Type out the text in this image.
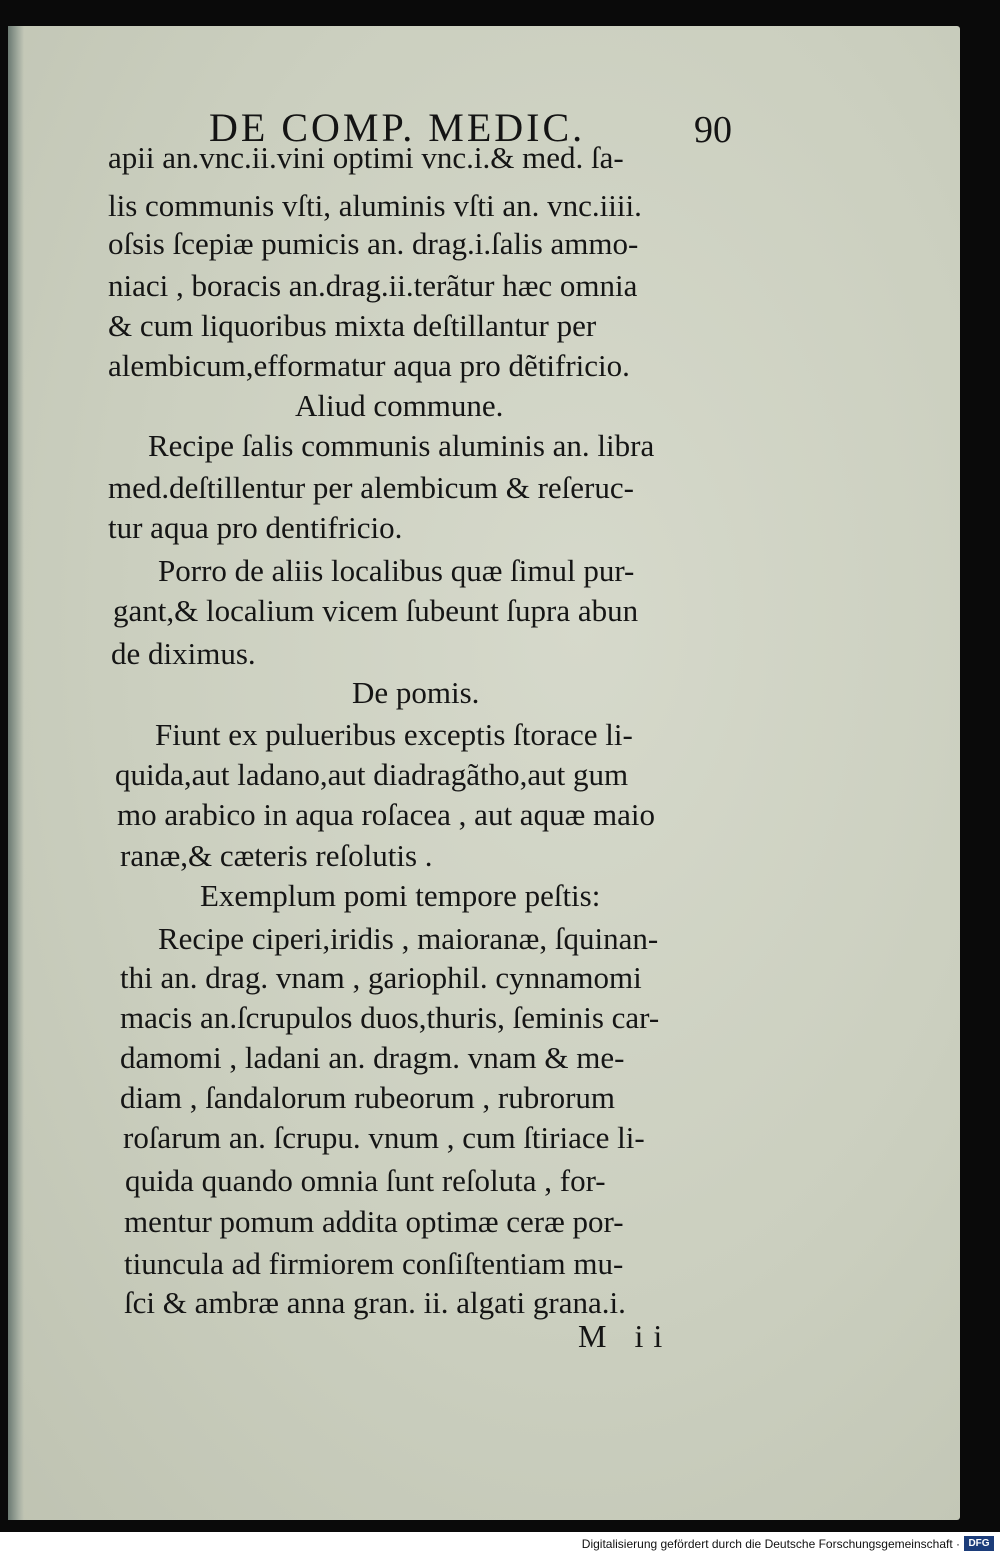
DE COMP. MEDIC.	90
apii an.vnc.ii.vini optimi vnc.i.& med. ſa-
lis communis vſti, aluminis vſti an. vnc.iiii.
oſsis ſcepiæ pumicis an. drag.i.ſalis ammo-
niaci , boracis an.drag.ii.terãtur hæc omnia
& cum liquoribus mixta deſtillantur per
alembicum,efformatur aqua pro dẽtifricio.
Aliud commune.
Recipe ſalis communis aluminis an. libra
med.deſtillentur per alembicum & reſeruc-
tur aqua pro dentifricio.
Porro de aliis localibus quæ ſimul pur-
gant,& localium vicem ſubeunt ſupra abun
de diximus.
De pomis.
Fiunt ex pulueribus exceptis ſtorace li-
quida,aut ladano,aut diadragãtho,aut gum
mo arabico in aqua roſacea , aut aquæ maio
ranæ,& cæteris reſolutis .
Exemplum pomi tempore peſtis:
Recipe ciperi,iridis , maioranæ, ſquinan-
thi an. drag. vnam , gariophil. cynnamomi
macis an.ſcrupulos duos,thuris, ſeminis car-
damomi , ladani an. dragm. vnam & me-
diam , ſandalorum rubeorum , rubrorum
roſarum an. ſcrupu. vnum , cum ſtiriace li-
quida quando omnia ſunt reſoluta , for-
mentur pomum addita optimæ ceræ por-
tiuncula ad firmiorem conſiſtentiam mu-
ſci & ambræ anna gran. ii. algati grana.i.
M ii
Digitalisierung gefördert durch die Deutsche Forschungsgemeinschaft · DFG
